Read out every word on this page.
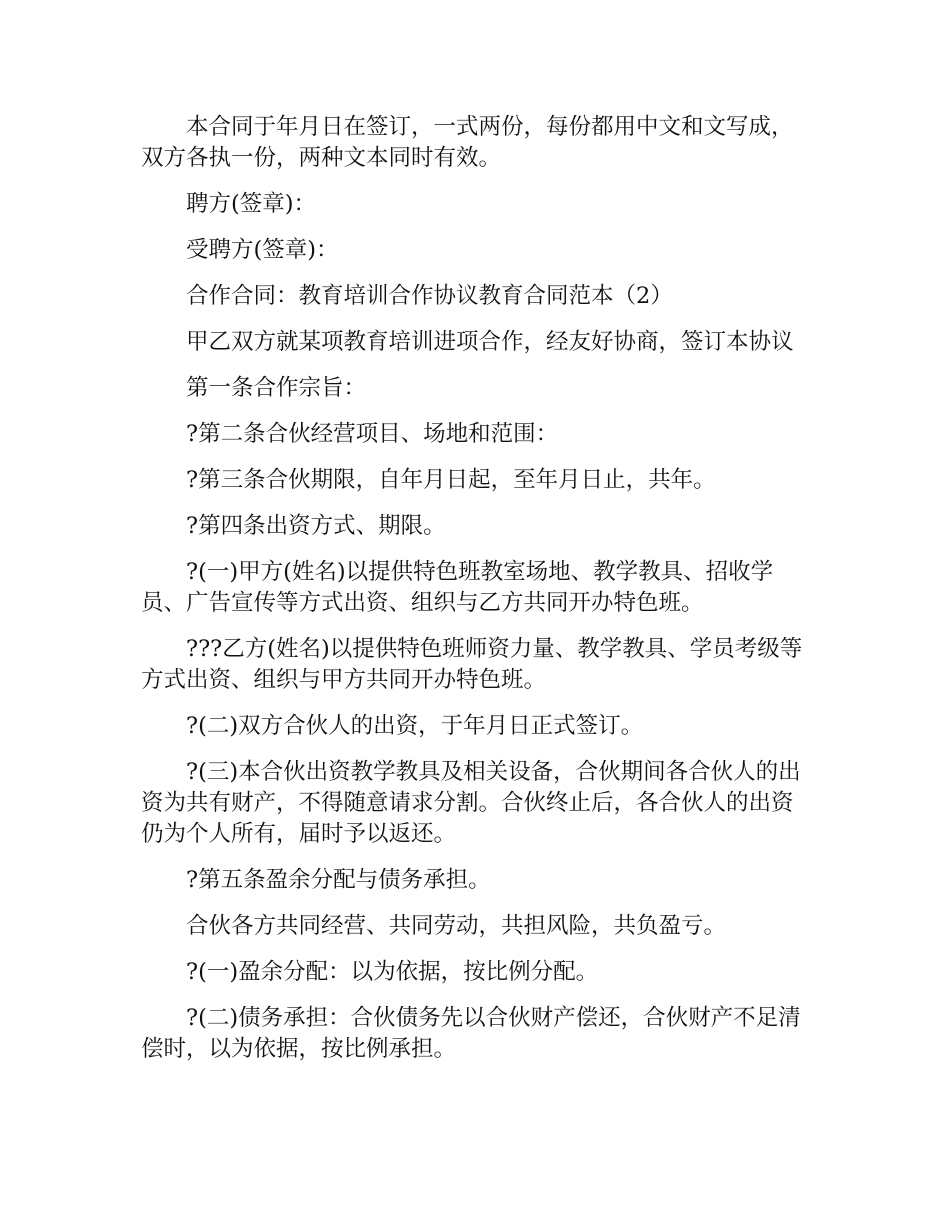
本合同于年月日在签订，一式两份，每份都用中文和文写成，双方各执一份，两种文本同时有效。

聘方(签章)：

受聘方(签章)：

合作合同：教育培训合作协议教育合同范本（2）

甲乙双方就某项教育培训进项合作，经友好协商，签订本协议

第一条合作宗旨：

?第二条合伙经营项目、场地和范围：

?第三条合伙期限，自年月日起，至年月日止，共年。

?第四条出资方式、期限。

?(一)甲方(姓名)以提供特色班教室场地、教学教具、招收学员、广告宣传等方式出资、组织与乙方共同开办特色班。

???乙方(姓名)以提供特色班师资力量、教学教具、学员考级等方式出资、组织与甲方共同开办特色班。

?(二)双方合伙人的出资，于年月日正式签订。

?(三)本合伙出资教学教具及相关设备，合伙期间各合伙人的出资为共有财产，不得随意请求分割。合伙终止后，各合伙人的出资仍为个人所有，届时予以返还。

?第五条盈余分配与债务承担。

合伙各方共同经营、共同劳动，共担风险，共负盈亏。

?(一)盈余分配：以为依据，按比例分配。

?(二)债务承担：合伙债务先以合伙财产偿还，合伙财产不足清偿时，以为依据，按比例承担。
